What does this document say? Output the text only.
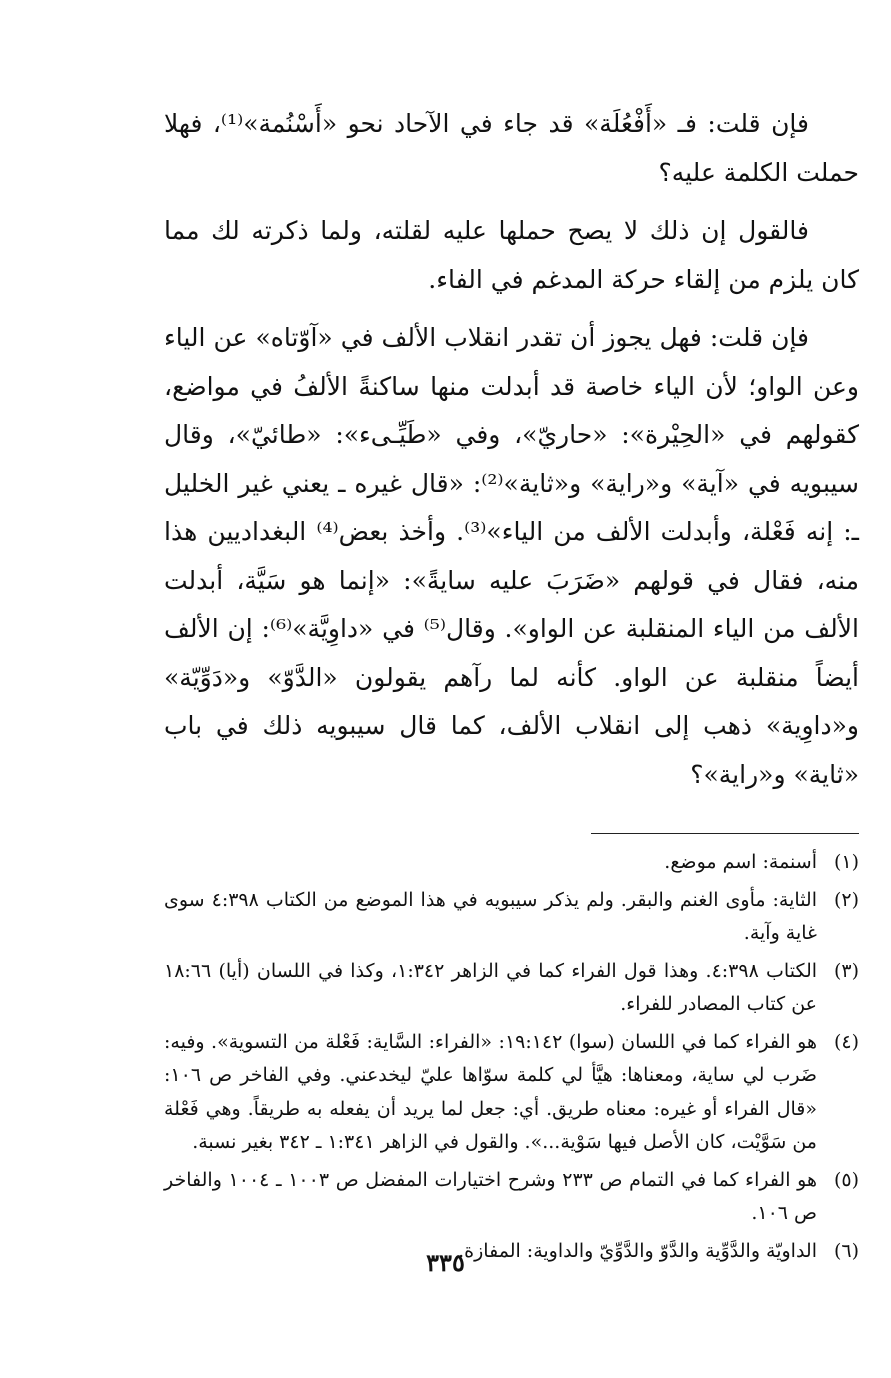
فإن قلت: فـ «أَفْعُلَة» قد جاء في الآحاد نحو «أَسْنُمة»⁽¹⁾، فهلا حملت الكلمة عليه؟

فالقول إن ذلك لا يصح حملها عليه لقلته، ولما ذكرته لك مما كان يلزم من إلقاء حركة المدغم في الفاء.

فإن قلت: فهل يجوز أن تقدر انقلاب الألف في «آوّتاه» عن الياء وعن الواو؛ لأن الياء خاصة قد أبدلت منها ساكنةً الألفُ في مواضع، كقولهم في «الحِيْرة»: «حاريّ»، وفي «طَيِّـىء»: «طائيّ»، وقال سيبويه في «آية» و«راية» و«ثاية»⁽²⁾: «قال غيره ـ يعني غير الخليل ـ: إنه فَعْلة، وأبدلت الألف من الياء»⁽³⁾. وأخذ بعض⁽⁴⁾ البغداديين هذا منه، فقال في قولهم «ضَرَبَ عليه سايةً»: «إنما هو سَيَّة، أبدلت الألف من الياء المنقلبة عن الواو». وقال⁽⁵⁾ في «داوِيَّة»⁽⁶⁾: إن الألف أيضاً منقلبة عن الواو. كأنه لما رآهم يقولون «الدَّوّ» و«دَوِّيّة» و«داوِية» ذهب إلى انقلاب الألف، كما قال سيبويه ذلك في باب «ثاية» و«راية»؟

(١)
أسنمة: اسم موضع.
(٢)
الثاية: مأوى الغنم والبقر. ولم يذكر سيبويه في هذا الموضع من الكتاب ٤:٣٩٨ سوى غاية وآية.
(٣)
الكتاب ٤:٣٩٨. وهذا قول الفراء كما في الزاهر ١:٣٤٢، وكذا في اللسان (أيا) ١٨:٦٦ عن كتاب المصادر للفراء.
(٤)
هو الفراء كما في اللسان (سوا) ١٩:١٤٢: «الفراء: السَّاية: فَعْلة من التسوية». وفيه: ضَرب لي ساية، ومعناها: هيَّأ لي كلمة سوّاها عليّ ليخدعني. وفي الفاخر ص ١٠٦: «قال الفراء أو غيره: معناه طريق. أي: جعل لما يريد أن يفعله به طريقاً. وهي فَعْلة من سَوَّيْت، كان الأصل فيها سَوْية...». والقول في الزاهر ١:٣٤١ ـ ٣٤٢ بغير نسبة.
(٥)
هو الفراء كما في التمام ص ٢٣٣ وشرح اختيارات المفضل ص ١٠٠٣ ـ ١٠٠٤ والفاخر ص ١٠٦.
(٦)
الداويّة والدَّوِّية والدَّوّ والدَّوِّيّ والداوية: المفازة.
٣٣٥
